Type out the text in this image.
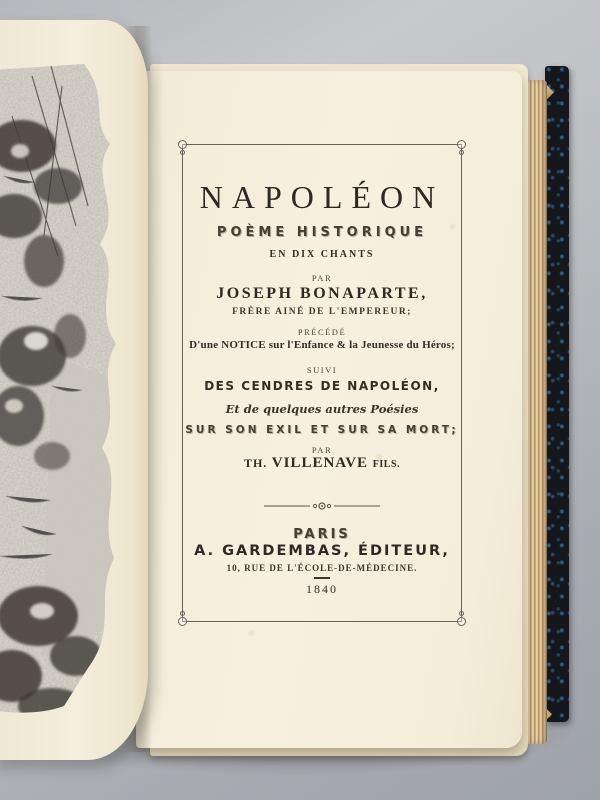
NAPOLÉON
POÈME HISTORIQUE
EN DIX CHANTS
PAR
JOSEPH BONAPARTE,
FRÈRE AINÉ DE L'EMPEREUR;
PRÉCÉDÉ
D'une NOTICE sur l'Enfance & la Jeunesse du Héros;
SUIVI
DES CENDRES DE NAPOLÉON,
Et de quelques autres Poésies
SUR SON EXIL ET SUR SA MORT;
PAR
TH. VILLENAVE FILS.
PARIS
A. GARDEMBAS, ÉDITEUR,
10, RUE DE L'ÉCOLE-DE-MÉDECINE.
1840
